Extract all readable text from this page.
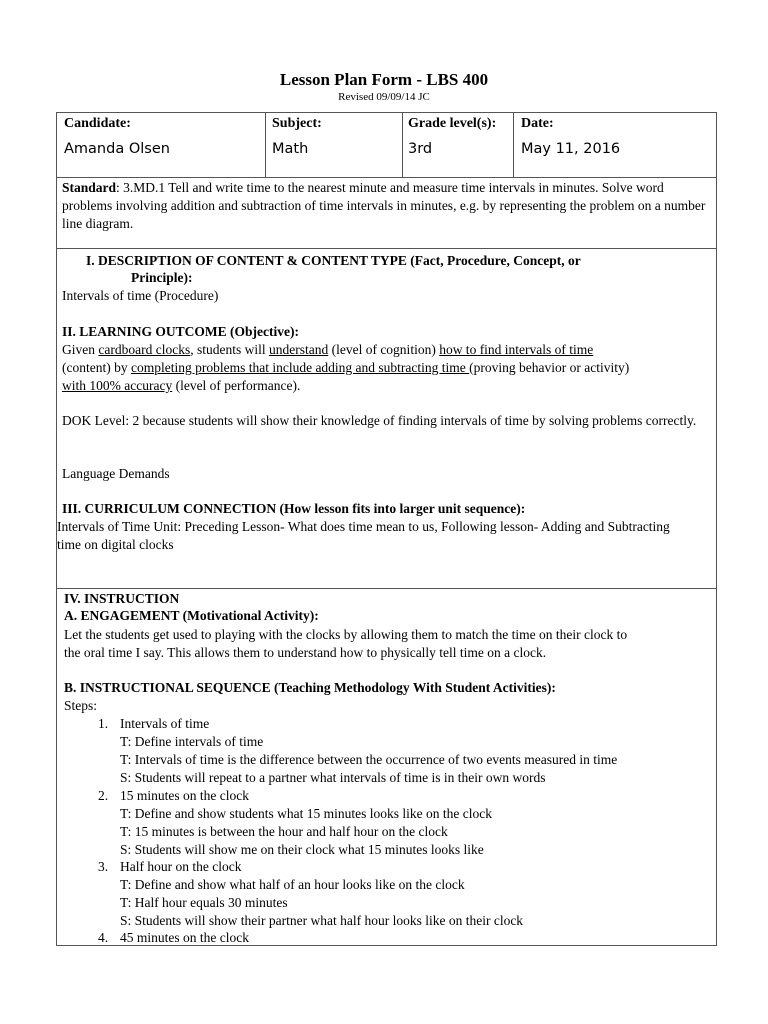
Lesson Plan Form - LBS 400
Revised 09/09/14 JC
Candidate:
Amanda Olsen
Subject:
Math
Grade level(s):
3rd
Date:
May 11, 2016
Standard: 3.MD.1 Tell and write time to the nearest minute and measure time intervals in minutes. Solve word problems involving addition and subtraction of time intervals in minutes, e.g. by representing the problem on a number line diagram.
I. DESCRIPTION OF CONTENT & CONTENT TYPE (Fact, Procedure, Concept, or
Principle):
Intervals of time (Procedure)
II. LEARNING OUTCOME (Objective):
Given cardboard clocks, students will understand (level of cognition) how to find intervals of time
(content) by completing problems that include adding and subtracting time (proving behavior or activity)
with 100% accuracy (level of performance).
DOK Level: 2 because students will show their knowledge of finding intervals of time by solving problems correctly.
Language Demands
III. CURRICULUM CONNECTION (How lesson fits into larger unit sequence):
Intervals of Time Unit: Preceding Lesson- What does time mean to us, Following lesson- Adding and Subtracting time on digital clocks
IV. INSTRUCTION
A. ENGAGEMENT (Motivational Activity):
Let the students get used to playing with the clocks by allowing them to match the time on their clock to
the oral time I say. This allows them to understand how to physically tell time on a clock.
B. INSTRUCTIONAL SEQUENCE (Teaching Methodology With Student Activities):
Steps:
1. Intervals of time
T: Define intervals of time
T: Intervals of time is the difference between the occurrence of two events measured in time
S: Students will repeat to a partner what intervals of time is in their own words
2. 15 minutes on the clock
T: Define and show students what 15 minutes looks like on the clock
T: 15 minutes is between the hour and half hour on the clock
S: Students will show me on their clock what 15 minutes looks like
3. Half hour on the clock
T: Define and show what half of an hour looks like on the clock
T: Half hour equals 30 minutes
S: Students will show their partner what half hour looks like on their clock
4. 45 minutes on the clock
